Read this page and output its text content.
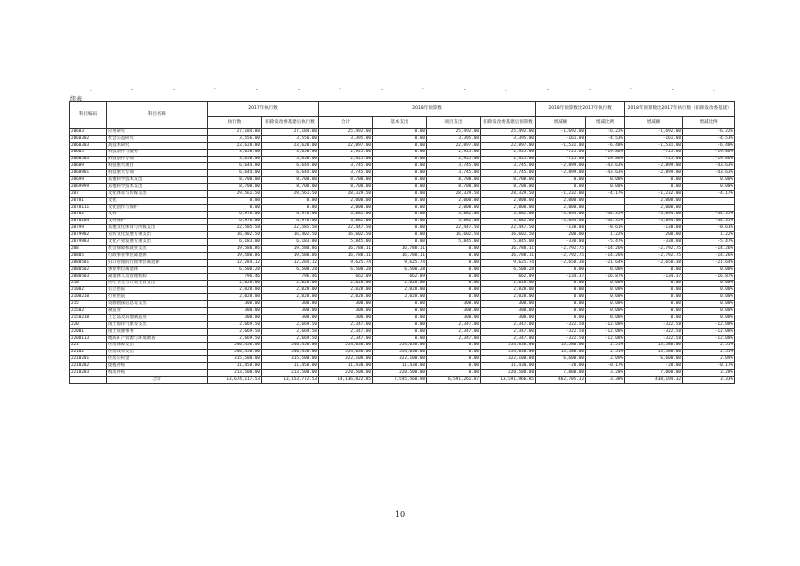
.	-	-	·	-	-	·	-	·	-	.	-	-	·	-	.
续表
科目编码	科目名称	2017年执行数		2018年预算数				2018年预算数比2017年执行数		2018年预算数比2017年执行数（扣除发改委基建）	
		执行数	扣除发改委基建后执行数	合计	基本支出	项目支出	扣除发改委基建后预算数	增减额	增减比例	增减额	增减比例
20603	应用研究	27,184.00	27,184.00	25,492.00	0.00	25,492.00	25,492.00	-1,692.00	-6.22%	-1,692.00	-6.22%
2060302	社会公益研究	3,556.00	3,556.00	3,395.00	0.00	3,395.00	3,395.00	-161.00	-4.53%	-161.00	-4.53%
2060303	高技术研究	23,628.00	23,628.00	22,097.00	0.00	22,097.00	22,097.00	-1,531.00	-6.48%	-1,531.00	-6.48%
20605	科技条件与服务	3,650.00	3,650.00	2,925.00	0.00	2,925.00	2,925.00	-725.00	-19.86%	-725.00	-19.86%
2060503	科技条件专项	3,650.00	3,650.00	2,925.00	0.00	2,925.00	2,925.00	-725.00	-19.86%	-725.00	-19.86%
20609	科技重大项目	6,644.00	6,644.00	3,745.00	0.00	3,745.00	3,745.00	-2,899.00	-43.63%	-2,899.00	-43.63%
2060901	科技重大专项	6,644.00	6,644.00	3,745.00	0.00	3,745.00	3,745.00	-2,899.00	-43.63%	-2,899.00	-43.63%
20699	其他科学技术支出	8,700.00	8,700.00	8,700.00	0.00	8,700.00	8,700.00	0.00	0.00%	0.00	0.00%
2069999	其他科学技术支出	8,700.00	8,700.00	8,700.00	0.00	8,700.00	8,700.00	0.00	0.00%	0.00	0.00%
207	文化体育与传媒支出	29,561.50	29,561.50	28,329.50	0.00	28,329.50	28,329.50	-1,232.00	-4.17%	-1,232.00	-4.17%
20701	文化	0.00	0.00	2,000.00	0.00	2,000.00	2,000.00	2,000.00		2,000.00	
2070111	文化创作与保护	0.00	0.00	2,000.00	0.00	2,000.00	2,000.00	2,000.00		2,000.00	
20702	文物	6,976.00	6,976.00	3,882.00	0.00	3,882.00	3,882.00	-3,094.00	-44.35%	-3,094.00	-44.35%
2070204	文物保护	6,976.00	6,976.00	3,882.00	0.00	3,882.00	3,882.00	-3,094.00	-44.35%	-3,094.00	-44.35%
20799	其他文化体育与传媒支出	22,585.50	22,585.50	22,447.50	0.00	22,447.50	22,447.50	-138.00	-0.61%	-138.00	-0.61%
2079902	宣传文化发展专项支出	16,402.50	16,402.50	16,602.50	0.00	16,602.50	16,602.50	200.00	1.22%	200.00	1.22%
2079903	文化产业发展专项支出	6,183.00	6,183.00	5,845.00	0.00	5,845.00	5,845.00	-338.00	-5.47%	-338.00	-5.47%
208	社会保障和就业支出	19,580.86	19,580.86	16,788.11	16,788.11	0.00	16,788.11	-2,792.75	-14.26%	-2,792.75	-14.26%
20805	行政事业单位离退休	19,580.86	19,580.86	16,788.11	16,788.11	0.00	16,788.11	-2,792.75	-14.26%	-2,792.75	-14.26%
2080501	归口管理的行政单位离退休	12,284.12	12,284.12	9,625.74	9,625.74	0.00	9,625.74	-2,658.38	-21.64%	-2,658.38	-21.64%
2080502	事业单位离退休	6,500.28	6,500.28	6,500.28	6,500.28	0.00	6,500.28	0.00	0.00%	0.00	0.00%
2080503	离退休人员管理机构	796.46	796.46	662.09	662.09	0.00	662.09	-134.37	-16.87%	-134.37	-16.87%
210	医疗卫生与计划生育支出	2,028.00	2,028.00	2,028.00	2,028.00	0.00	2,028.00	0.00	0.00%	0.00	0.00%
21002	公立医院	2,028.00	2,028.00	2,028.00	2,028.00	0.00	2,028.00	0.00	0.00%	0.00	0.00%
2100210	行业医院	2,028.00	2,028.00	2,028.00	2,028.00	0.00	2,028.00	0.00	0.00%	0.00	0.00%
215	资源勘探信息等支出	300.00	300.00	300.00	0.00	300.00	300.00	0.00	0.00%	0.00	0.00%
21502	制造业	300.00	300.00	300.00	0.00	300.00	300.00	0.00	0.00%	0.00	0.00%
2150210	工艺品及其他制造业	300.00	300.00	300.00	0.00	300.00	300.00	0.00	0.00%	0.00	0.00%
220	国土海洋气象等支出	2,669.50	2,669.50	2,347.00	0.00	2,347.00	2,347.00	-322.50	-12.08%	-322.50	-12.08%
22001	国土资源事务	2,669.50	2,669.50	2,347.00	0.00	2,347.00	2,347.00	-322.50	-12.08%	-322.50	-12.08%
2200113	地质矿产资源与环境调查	2,669.50	2,669.50	2,347.00	0.00	2,347.00	2,347.00	-322.50	-12.08%	-322.50	-12.08%
221	住房保障支出	540,450.00	540,450.00	554,030.00	554,030.00	0.00	554,030.00	13,580.00	2.51%	13,580.00	2.51%
22102	住房改革支出	540,450.00	540,450.00	554,030.00	554,030.00	0.00	554,030.00	13,580.00	2.51%	13,580.00	2.51%
2210201	住房公积金	315,500.00	315,500.00	322,100.00	322,100.00	0.00	322,100.00	6,600.00	2.09%	6,600.00	2.09%
2210202	提租补贴	11,450.00	11,450.00	11,430.00	11,430.00	0.00	11,430.00	-20.00	-0.17%	-20.00	-0.17%
2210203	购房补贴	213,500.00	213,500.00	220,500.00	220,500.00	0.00	220,500.00	7,000.00	3.28%	7,000.00	3.28%
	合计	13,674,117.53	13,153,772.53	14,136,822.85	7,545,560.98	6,591,261.87	13,591,966.85	462,705.32	3.38%	438,194.32	3.33%
10
